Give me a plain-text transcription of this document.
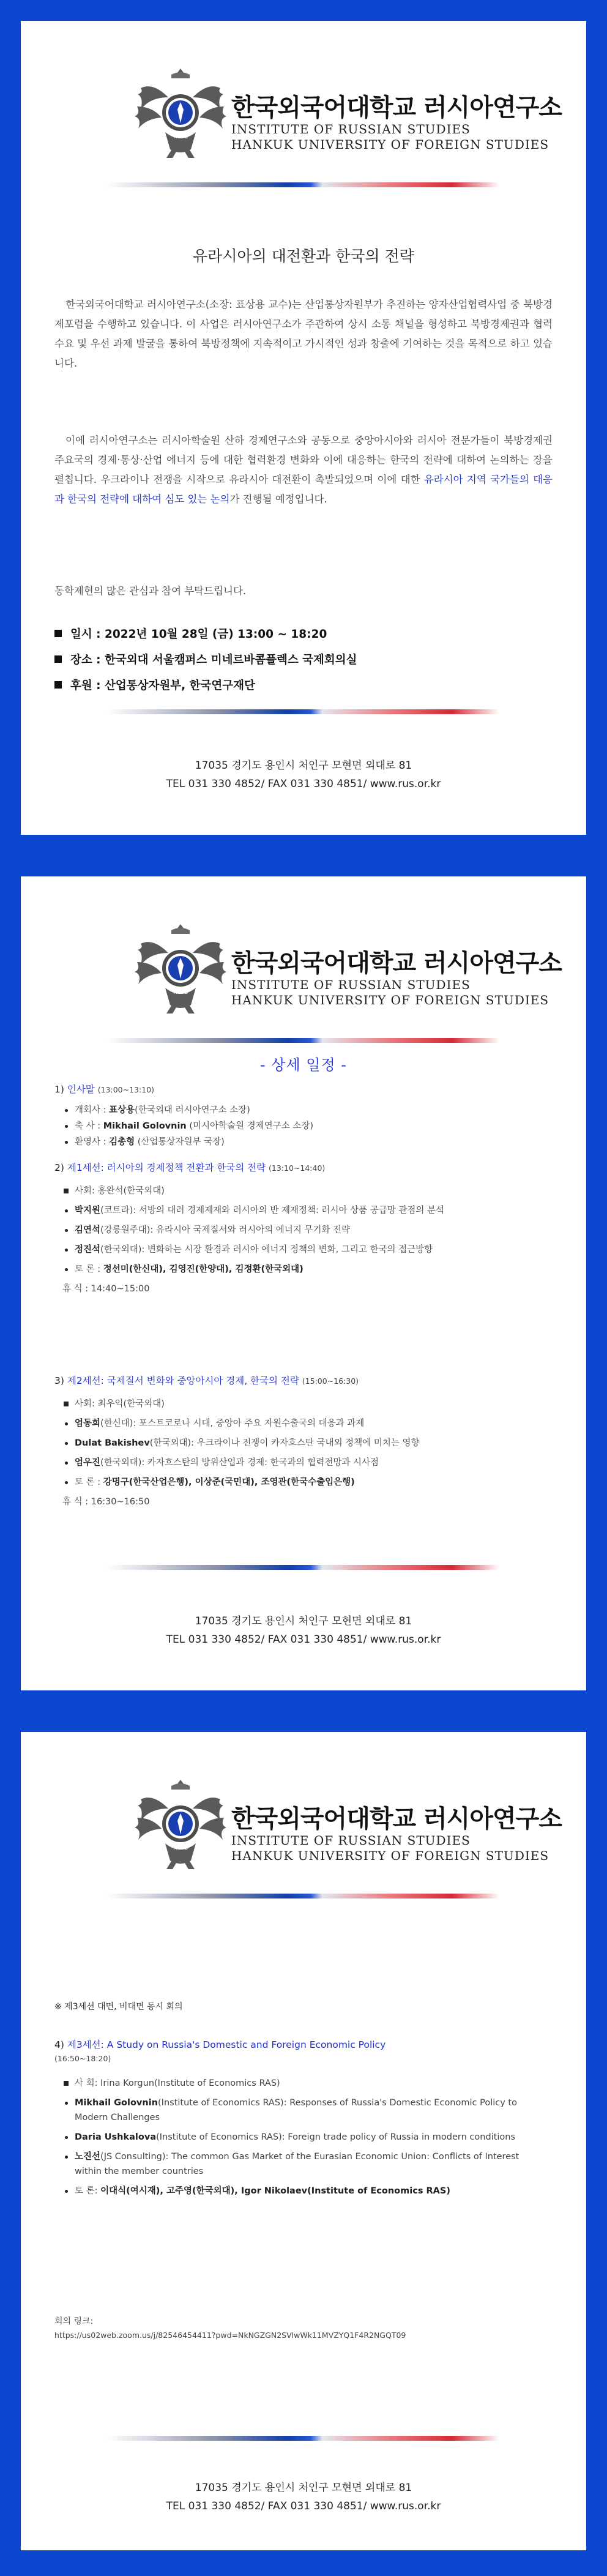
HUFS
한국외국어대학교 러시아연구소
INSTITUTE OF RUSSIAN STUDIES
HANKUK UNIVERSITY OF FOREIGN STUDIES
유라시아의 대전환과 한국의 전략

한국외국어대학교 러시아연구소(소장: 표상용 교수)는 산업통상자원부가 추진하는 양자산업협력사업 중 북방경제포럼을 수행하고 있습니다. 이 사업은 러시아연구소가 주관하여 상시 소통 채널을 형성하고 북방경제권과 협력 수요 및 우선 과제 발굴을 통하여 북방정책에 지속적이고 가시적인 성과 창출에 기여하는 것을 목적으로 하고 있습니다.

이에 러시아연구소는 러시아학술원 산하 경제연구소와 공동으로 중앙아시아와 러시아 전문가들이 북방경제권 주요국의 경제·통상·산업 에너지 등에 대한 협력환경 변화와 이에 대응하는 한국의 전략에 대하여 논의하는 장을 펼칩니다. 우크라이나 전쟁을 시작으로 유라시아 대전환이 촉발되었으며 이에 대한 유라시아 지역 국가들의 대응과 한국의 전략에 대하여 심도 있는 논의가 진행될 예정입니다.

동학제현의 많은 관심과 참여 부탁드립니다.

일시 : 2022년 10월 28일 (금) 13:00 ~ 18:20
장소 : 한국외대 서울캠퍼스 미네르바콤플렉스 국제회의실
후원 : 산업통상자원부, 한국연구재단
17035 경기도 용인시 처인구 모현면 외대로 81
TEL 031 330 4852/ FAX 031 330 4851/ www.rus.or.kr
HUFS
한국외국어대학교 러시아연구소
INSTITUTE OF RUSSIAN STUDIES
HANKUK UNIVERSITY OF FOREIGN STUDIES
- 상세 일정 -
1) 인사말 (13:00~13:10)
개회사 : 표상용(한국외대 러시아연구소 소장)
축 사 : Mikhail Golovnin (미시아학술원 경제연구소 소장)
환영사 : 김총형 (산업통상자원부 국장)
2) 제1세션: 러시아의 경제정책 전환과 한국의 전략 (13:10~14:40)
사회: 홍완석(한국외대)
박지원(코트라): 서방의 대러 경제제재와 러시아의 반 제재정책: 러시아 상품 공급망 관점의 분석
김연석(강릉원주대): 유라시아 국제질서와 러시아의 에너지 무기화 전략
정진석(한국외대): 변화하는 시장 환경과 러시아 에너지 정책의 변화, 그리고 한국의 접근방향
토 론 : 정선미(한신대), 김영진(한양대), 김정환(한국외대)
휴 식 : 14:40~15:00
3) 제2세션: 국제질서 변화와 중앙아시아 경제, 한국의 전략 (15:00~16:30)
사회: 최우익(한국외대)
엄동희(한신대): 포스트코로나 시대, 중앙아 주요 자원수출국의 대응과 과제
Dulat Bakishev(한국외대): 우크라이나 전쟁이 카자흐스탄 국내외 정책에 미치는 영향
엄우진(한국외대): 카자흐스탄의 방위산업과 경제: 한국과의 협력전망과 시사점
토 론 : 강명구(한국산업은행), 이상준(국민대), 조영관(한국수출입은행)
휴 식 : 16:30~16:50
17035 경기도 용인시 처인구 모현면 외대로 81
TEL 031 330 4852/ FAX 031 330 4851/ www.rus.or.kr
HUFS
한국외국어대학교 러시아연구소
INSTITUTE OF RUSSIAN STUDIES
HANKUK UNIVERSITY OF FOREIGN STUDIES
※ 제3세션 대면, 비대면 동시 회의
4) 제3세션: A Study on Russia's Domestic and Foreign Economic Policy
(16:50~18:20)
사 회: Irina Korgun(Institute of Economics RAS)
Mikhail Golovnin(Institute of Economics RAS): Responses of Russia's Domestic Economic Policy to Modern Challenges
Daria Ushkalova(Institute of Economics RAS): Foreign trade policy of Russia in modern conditions
노진선(JS Consulting): The common Gas Market of the Eurasian Economic Union: Conflicts of Interest within the member countries
토 론: 이대식(여시재), 고주영(한국외대), Igor Nikolaev(Institute of Economics RAS)
회의 링크:
https://us02web.zoom.us/j/82546454411?pwd=NkNGZGN2SVlwWk11MVZYQ1F4R2NGQT09
17035 경기도 용인시 처인구 모현면 외대로 81
TEL 031 330 4852/ FAX 031 330 4851/ www.rus.or.kr
